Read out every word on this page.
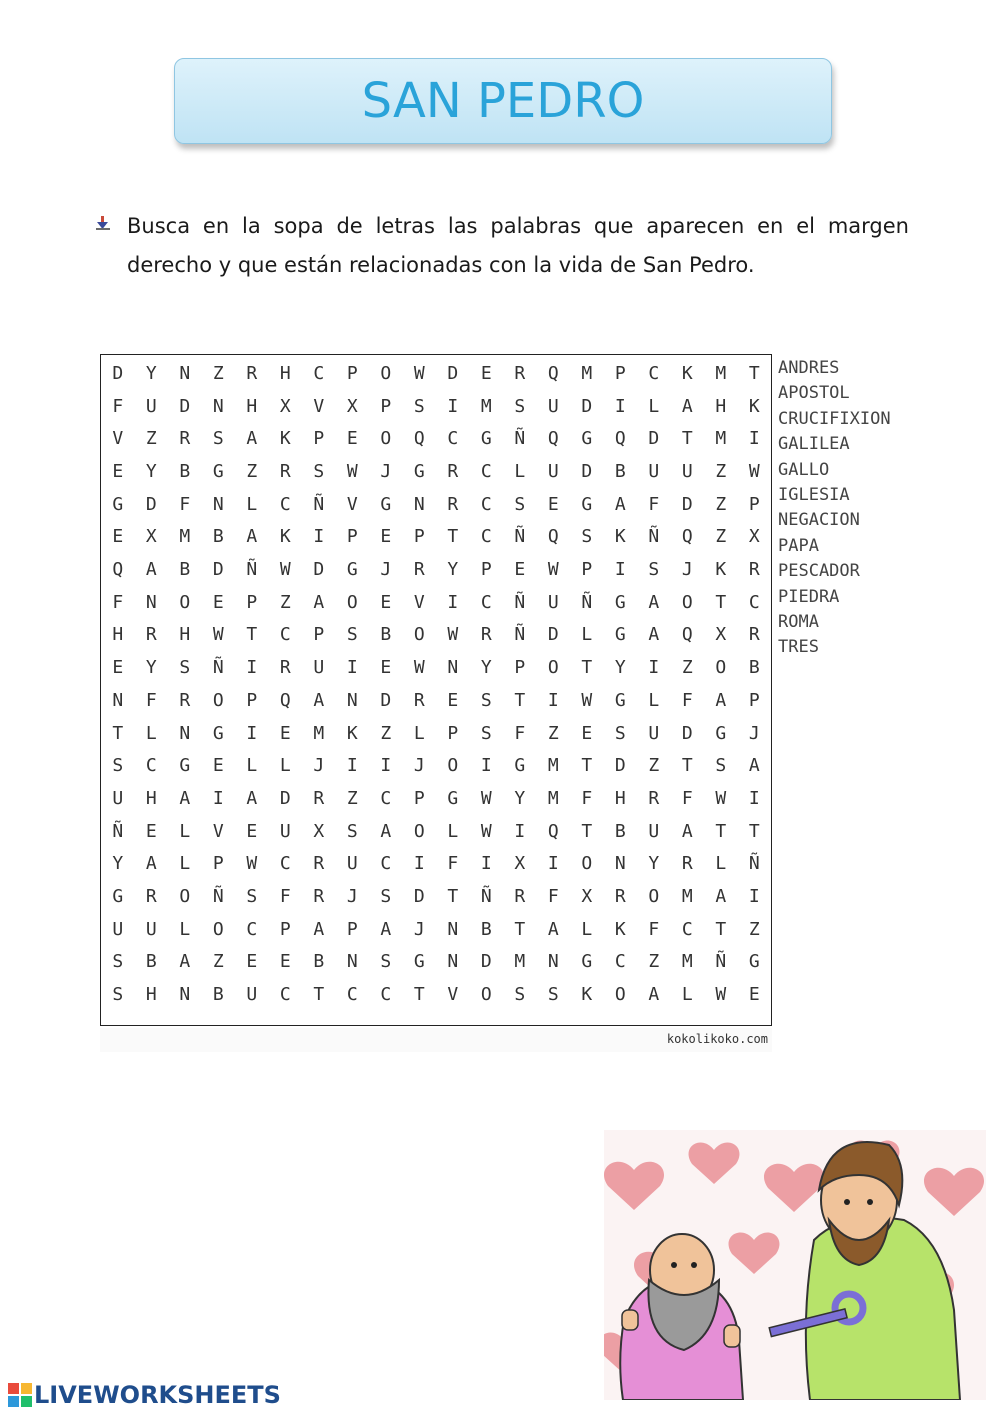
SAN PEDRO
Busca en la sopa de letras las palabras que aparecen en el margen derecho y que están relacionadas con la vida de San Pedro.
D	Y	N	Z	R	H	C	P	O	W	D	E	R	Q	M	P	C	K	M	T
F	U	D	N	H	X	V	X	P	S	I	M	S	U	D	I	L	A	H	K
V	Z	R	S	A	K	P	E	O	Q	C	G	Ñ	Q	G	Q	D	T	M	I
E	Y	B	G	Z	R	S	W	J	G	R	C	L	U	D	B	U	U	Z	W
G	D	F	N	L	C	Ñ	V	G	N	R	C	S	E	G	A	F	D	Z	P
E	X	M	B	A	K	I	P	E	P	T	C	Ñ	Q	S	K	Ñ	Q	Z	X
Q	A	B	D	Ñ	W	D	G	J	R	Y	P	E	W	P	I	S	J	K	R
F	N	O	E	P	Z	A	O	E	V	I	C	Ñ	U	Ñ	G	A	O	T	C
H	R	H	W	T	C	P	S	B	O	W	R	Ñ	D	L	G	A	Q	X	R
E	Y	S	Ñ	I	R	U	I	E	W	N	Y	P	O	T	Y	I	Z	O	B
N	F	R	O	P	Q	A	N	D	R	E	S	T	I	W	G	L	F	A	P
T	L	N	G	I	E	M	K	Z	L	P	S	F	Z	E	S	U	D	G	J
S	C	G	E	L	L	J	I	I	J	O	I	G	M	T	D	Z	T	S	A
U	H	A	I	A	D	R	Z	C	P	G	W	Y	M	F	H	R	F	W	I
Ñ	E	L	V	E	U	X	S	A	O	L	W	I	Q	T	B	U	A	T	T
Y	A	L	P	W	C	R	U	C	I	F	I	X	I	O	N	Y	R	L	Ñ
G	R	O	Ñ	S	F	R	J	S	D	T	Ñ	R	F	X	R	O	M	A	I
U	U	L	O	C	P	A	P	A	J	N	B	T	A	L	K	F	C	T	Z
S	B	A	Z	E	E	B	N	S	G	N	D	M	N	G	C	Z	M	Ñ	G
S	H	N	B	U	C	T	C	C	T	V	O	S	S	K	O	A	L	W	E
kokolikoko.com
ANDRES
APOSTOL
CRUCIFIXION
GALILEA
GALLO
IGLESIA
NEGACION
PAPA
PESCADOR
PIEDRA
ROMA
TRES
LIVEWORKSHEETS
